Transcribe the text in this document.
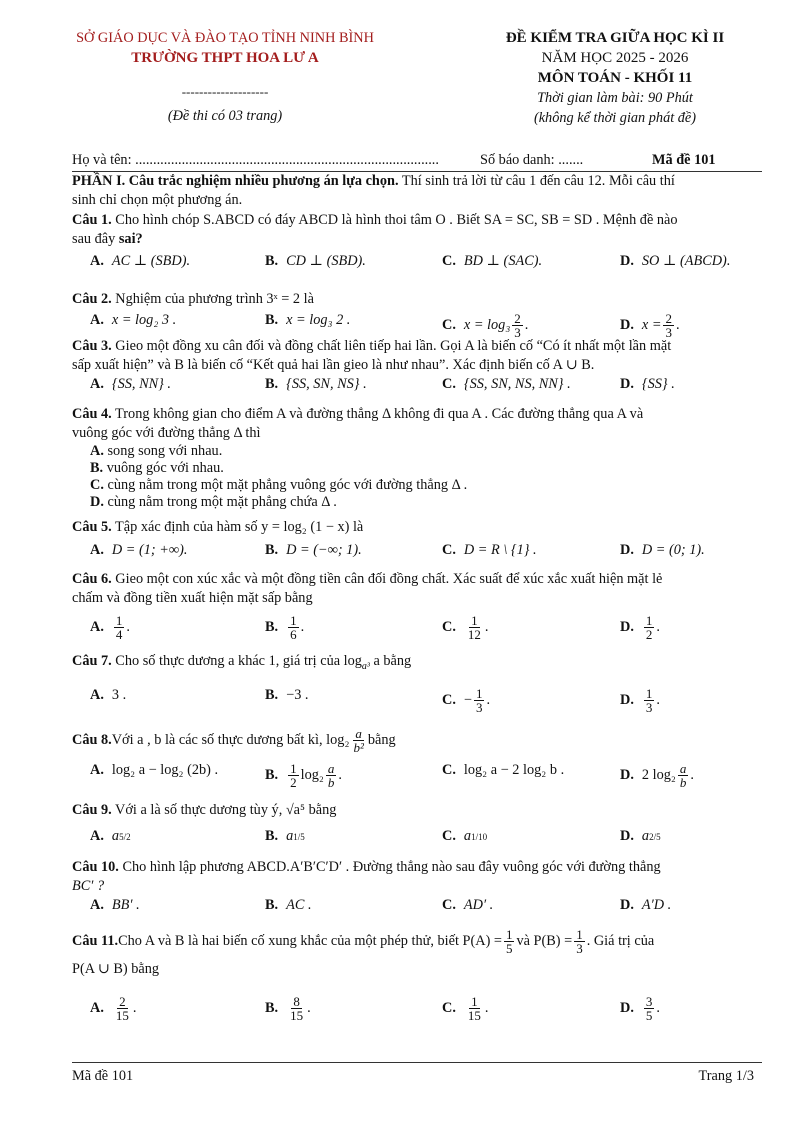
SỞ GIÁO DỤC VÀ ĐÀO TẠO TỈNH NINH BÌNH
TRƯỜNG THPT HOA LƯ A
--------------------
(Đề thi có 03 trang)
ĐỀ KIỂM TRA GIỮA HỌC KÌ II
NĂM HỌC 2025 - 2026
MÔN TOÁN - KHỐI 11
Thời gian làm bài: 90 Phút
(không kể thời gian phát đề)
Họ và tên: .....................................................................................	Số báo danh: .......	Mã đề 101
PHẦN I. Câu trắc nghiệm nhiều phương án lựa chọn. Thí sinh trả lời từ câu 1 đến câu 12. Mỗi câu thí
sinh chỉ chọn một phương án.
Câu 1. Cho hình chóp S.ABCD có đáy ABCD là hình thoi tâm O . Biết SA = SC, SB = SD . Mệnh đề nào
sau đây sai?
A. AC ⊥ (SBD).	B. CD ⊥ (SBD).	C. BD ⊥ (SAC).	D. SO ⊥ (ABCD).
Câu 2. Nghiệm của phương trình 3ˣ = 2 là
A. x = log₂ 3 .	B. x = log₃ 2 .	C. $x = \log_3 \frac{2}{3}$ .	D. $x = \frac{2}{3}$ .
Câu 3. Gieo một đồng xu cân đối và đồng chất liên tiếp hai lần. Gọi A là biến cố “Có ít nhất một lần mặt
sấp xuất hiện” và B là biến cố “Kết quả hai lần gieo là như nhau”. Xác định biến cố A ∪ B.
A. {SS, NN} .	B. {SS, SN, NS} .	C. {SS, SN, NS, NN} .	D. {SS} .
Câu 4. Trong không gian cho điểm A và đường thẳng Δ không đi qua A . Các đường thẳng qua A và
vuông góc với đường thẳng Δ thì
A. song song với nhau.
B. vuông góc với nhau.
C. cùng nằm trong một mặt phẳng vuông góc với đường thẳng Δ .
D. cùng nằm trong một mặt phẳng chứa Δ .
Câu 5. Tập xác định của hàm số y = log₂ (1 − x) là
A. D = (1; +∞).	B. D = (−∞; 1).	C. D = R \ {1} .	D. D = (0; 1).
Câu 6. Gieo một con xúc xắc và một đồng tiền cân đối đồng chất. Xác suất để xúc xắc xuất hiện mặt lẻ
chấm và đồng tiền xuất hiện mặt sấp bằng
A. $\frac{1}{4}$ .	B. $\frac{1}{6}$ .	C. $\frac{1}{12}$ .	D. $\frac{1}{2}$ .
Câu 7. Cho số thực dương a khác 1, giá trị của $\log_{a^3} a$ bằng
A. 3 .	B. −3 .	C. − $\frac{1}{3}$ .	D. $\frac{1}{3}$ .
Câu 8. Với a , b là các số thực dương bất kì, $\log_2 \frac{a}{\text{b²}}$ bằng
A. log₂ a − log₂ (2b) .	B. $\frac{1}{2} \log_2 \frac{a}{b}$ .	C. log₂ a − 2 log₂ b .	D. 2 $\log_2 \frac{a}{b}$ .
Câu 9. Với a là số thực dương tùy ý, √a⁵ bằng
A. a 5/2	B. a 1/5	C. a 1/10	D. a 2/5
Câu 10. Cho hình lập phương ABCD.A′B′C′D′ . Đường thẳng nào sau đây vuông góc với đường thẳng
BC′ ?
A. BB′ .	B. AC .	C. AD′ .	D. A′D .
Câu 11. Cho A và B là hai biến cố xung khắc của một phép thử, biết $P(A) = \frac{1}{5}$ và $P(B) = \frac{1}{3}$ . Giá trị của
P(A ∪ B) bằng
A. $\frac{2}{15}$ .	B. $\frac{8}{15}$ .	C. $\frac{1}{15}$ .	D. $\frac{3}{5}$ .
Mã đề 101	Trang 1/3
